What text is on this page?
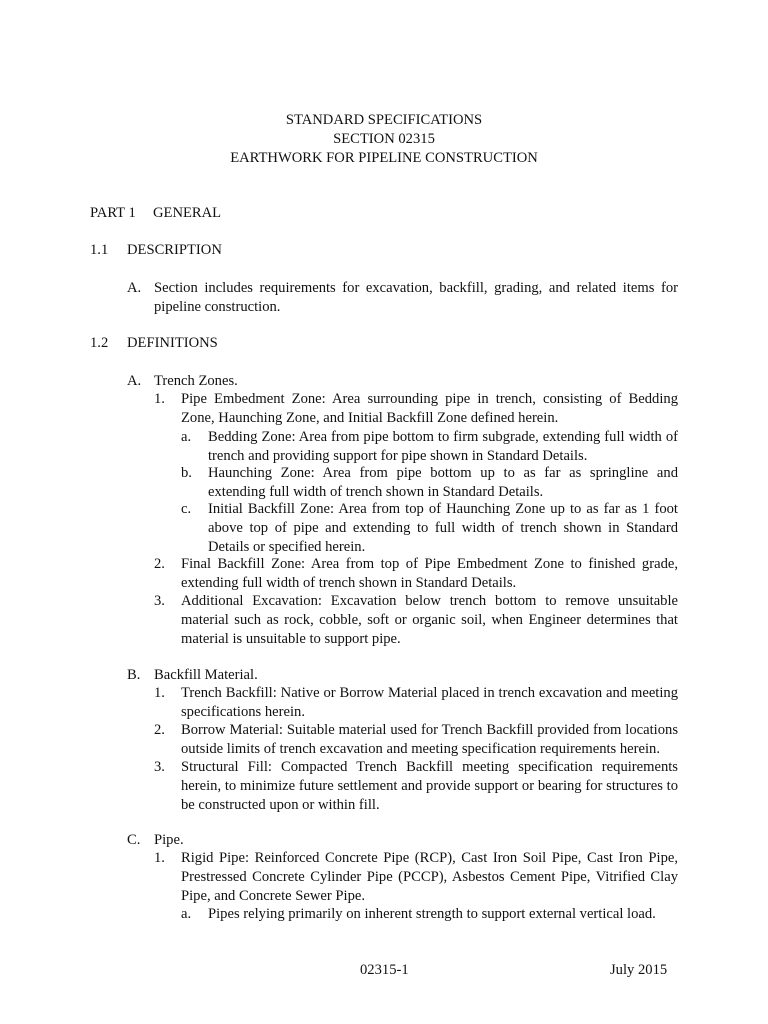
STANDARD SPECIFICATIONS
SECTION 02315
EARTHWORK FOR PIPELINE CONSTRUCTION
PART 1 GENERAL
1.1 DESCRIPTION
A. Section includes requirements for excavation, backfill, grading, and related items for pipeline construction.
1.2 DEFINITIONS
A. Trench Zones.
1. Pipe Embedment Zone: Area surrounding pipe in trench, consisting of Bedding Zone, Haunching Zone, and Initial Backfill Zone defined herein.
a. Bedding Zone: Area from pipe bottom to firm subgrade, extending full width of trench and providing support for pipe shown in Standard Details.
b. Haunching Zone: Area from pipe bottom up to as far as springline and extending full width of trench shown in Standard Details.
c. Initial Backfill Zone: Area from top of Haunching Zone up to as far as 1 foot above top of pipe and extending to full width of trench shown in Standard Details or specified herein.
2. Final Backfill Zone: Area from top of Pipe Embedment Zone to finished grade, extending full width of trench shown in Standard Details.
3. Additional Excavation: Excavation below trench bottom to remove unsuitable material such as rock, cobble, soft or organic soil, when Engineer determines that material is unsuitable to support pipe.
B. Backfill Material.
1. Trench Backfill: Native or Borrow Material placed in trench excavation and meeting specifications herein.
2. Borrow Material: Suitable material used for Trench Backfill provided from locations outside limits of trench excavation and meeting specification requirements herein.
3. Structural Fill: Compacted Trench Backfill meeting specification requirements herein, to minimize future settlement and provide support or bearing for structures to be constructed upon or within fill.
C. Pipe.
1. Rigid Pipe: Reinforced Concrete Pipe (RCP), Cast Iron Soil Pipe, Cast Iron Pipe, Prestressed Concrete Cylinder Pipe (PCCP), Asbestos Cement Pipe, Vitrified Clay Pipe, and Concrete Sewer Pipe.
a. Pipes relying primarily on inherent strength to support external vertical load.
02315-1	July 2015
